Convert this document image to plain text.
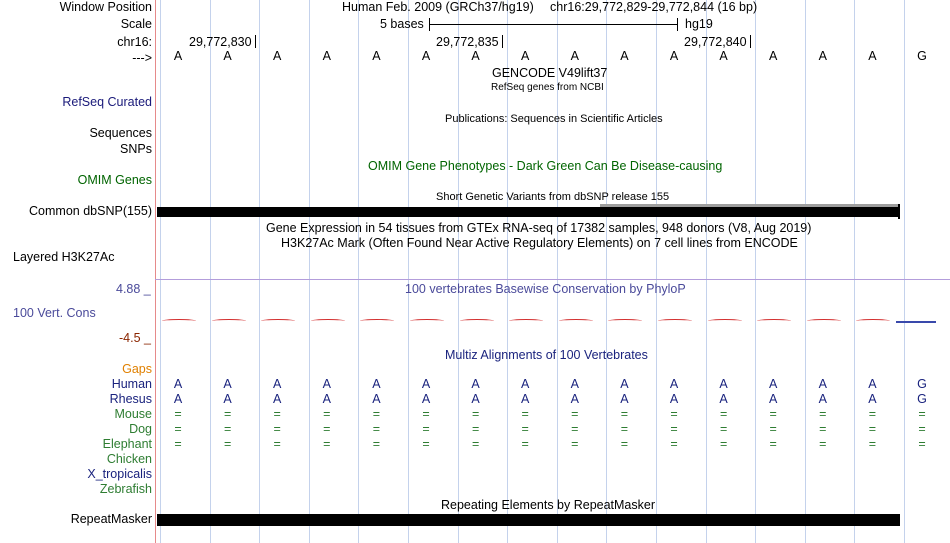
Window Position	Human Feb. 2009 (GRCh37/hg19) chr16:29,772,829-29,772,844 (16 bp)
Scale	5 bases	hg19
chr16:	29,772,830	29,772,835	29,772,840
--->	A	A	A	A	A	A	A	A	A	A	A	A	A	A	A	G
GENCODE V49lift37
RefSeq genes from NCBI
RefSeq Curated
Publications: Sequences in Scientific Articles
Sequences
SNPs
OMIM Gene Phenotypes - Dark Green Can Be Disease-causing
OMIM Genes
Short Genetic Variants from dbSNP release 155
Common dbSNP(155)
Gene Expression in 54 tissues from GTEx RNA-seq of 17382 samples, 948 donors (V8, Aug 2019)
H3K27Ac Mark (Often Found Near Active Regulatory Elements) on 7 cell lines from ENCODE
Layered H3K27Ac
4.88 _	100 vertebrates Basewise Conservation by PhyloP
100 Vert. Cons
-4.5 _
Multiz Alignments of 100 Vertebrates
Gaps
Human	A	A	A	A	A	A	A	A	A	A	A	A	A	A	A	G
Rhesus	A	A	A	A	A	A	A	A	A	A	A	A	A	A	A	G
Mouse	=	=	=	=	=	=	=	=	=	=	=	=	=	=	=	=
Dog	=	=	=	=	=	=	=	=	=	=	=	=	=	=	=	=
Elephant	=	=	=	=	=	=	=	=	=	=	=	=	=	=	=	=
Chicken
X_tropicalis
Zebrafish
Repeating Elements by RepeatMasker
RepeatMasker
